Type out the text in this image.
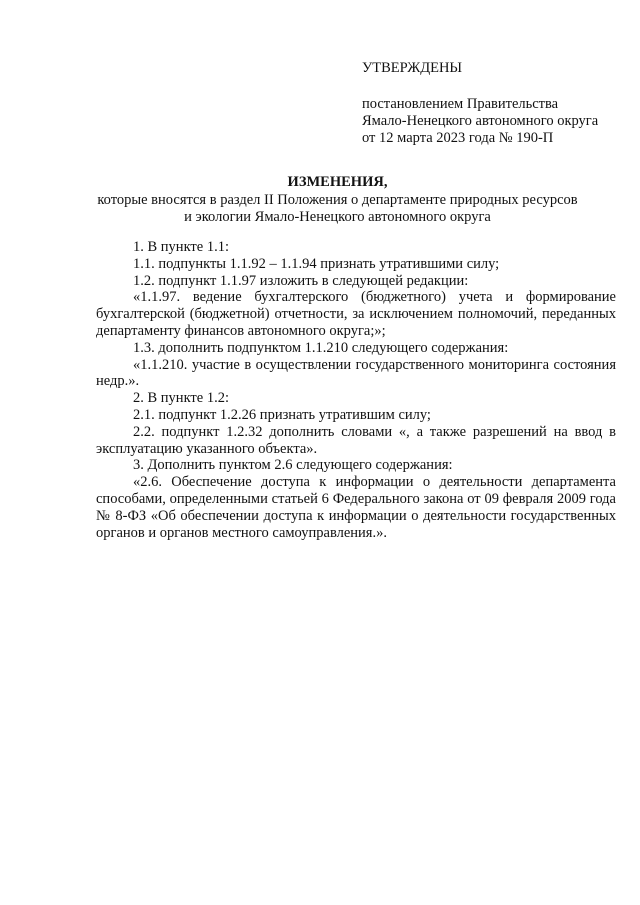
УТВЕРЖДЕНЫ
постановлением Правительства
Ямало-Ненецкого автономного округа
от 12 марта 2023 года № 190-П
ИЗМЕНЕНИЯ,
которые вносятся в раздел II Положения о департаменте природных ресурсов
и экологии Ямало-Ненецкого автономного округа

1. В пункте 1.1:

1.1. подпункты 1.1.92 – 1.1.94 признать утратившими силу;

1.2. подпункт 1.1.97 изложить в следующей редакции:

«1.1.97. ведение бухгалтерского (бюджетного) учета и формирование бухгалтерской (бюджетной) отчетности, за исключением полномочий, переданных департаменту финансов автономного округа;»;

1.3. дополнить подпунктом 1.1.210 следующего содержания:

«1.1.210. участие в осуществлении государственного мониторинга состояния недр.».

2. В пункте 1.2:

2.1. подпункт 1.2.26 признать утратившим силу;

2.2. подпункт 1.2.32 дополнить словами «, а также разрешений на ввод в эксплуатацию указанного объекта».

3. Дополнить пунктом 2.6 следующего содержания:

«2.6. Обеспечение доступа к информации о деятельности департамента способами, определенными статьей 6 Федерального закона от 09 февраля 2009 года № 8-ФЗ «Об обеспечении доступа к информации о деятельности государственных органов и органов местного самоуправления.».
